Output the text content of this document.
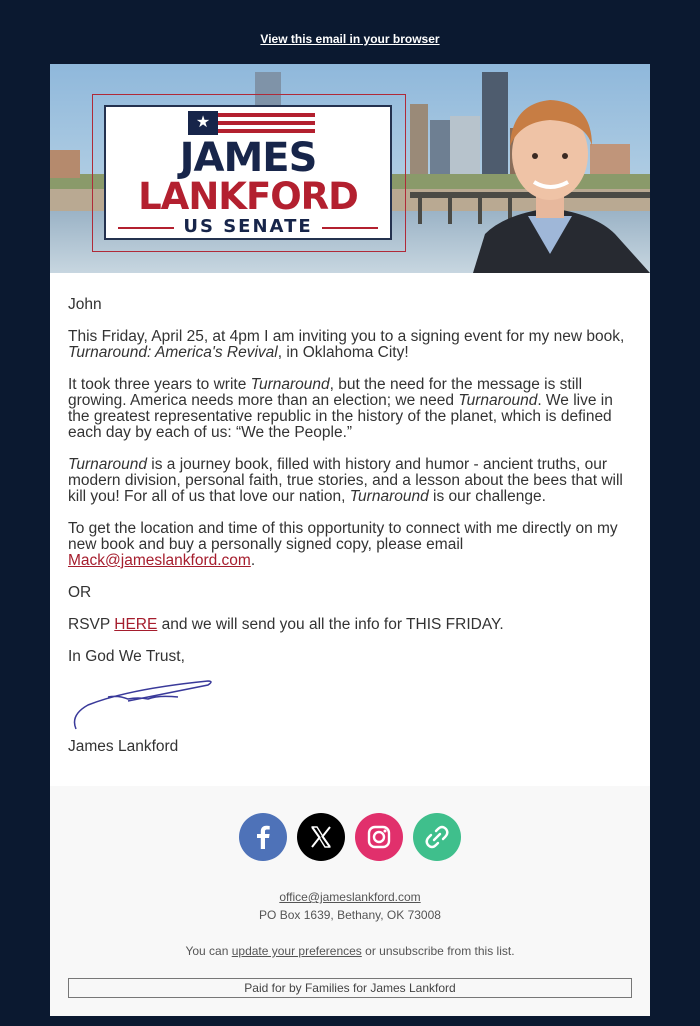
View this email in your browser
★
JAMES
LANKFORD
US SENATE

John

This Friday, April 25, at 4pm I am inviting you to a signing event for my new book, Turnaround: America's Revival, in Oklahoma City!

It took three years to write Turnaround, but the need for the message is still growing. America needs more than an election; we need Turnaround. We live in the greatest representative republic in the history of the planet, which is defined each day by each of us: “We the People.”

Turnaround is a journey book, filled with history and humor - ancient truths, our modern division, personal faith, true stories, and a lesson about the bees that will kill you! For all of us that love our nation, Turnaround is our challenge.

To get the location and time of this opportunity to connect with me directly on my new book and buy a personally signed copy, please email Mack@jameslankford.com.

OR

RSVP HERE and we will send you all the info for THIS FRIDAY.

In God We Trust,

James Lankford

office@jameslankford.com
PO Box 1639, Bethany, OK 73008
You can update your preferences or unsubscribe from this list.
Paid for by Families for James Lankford
